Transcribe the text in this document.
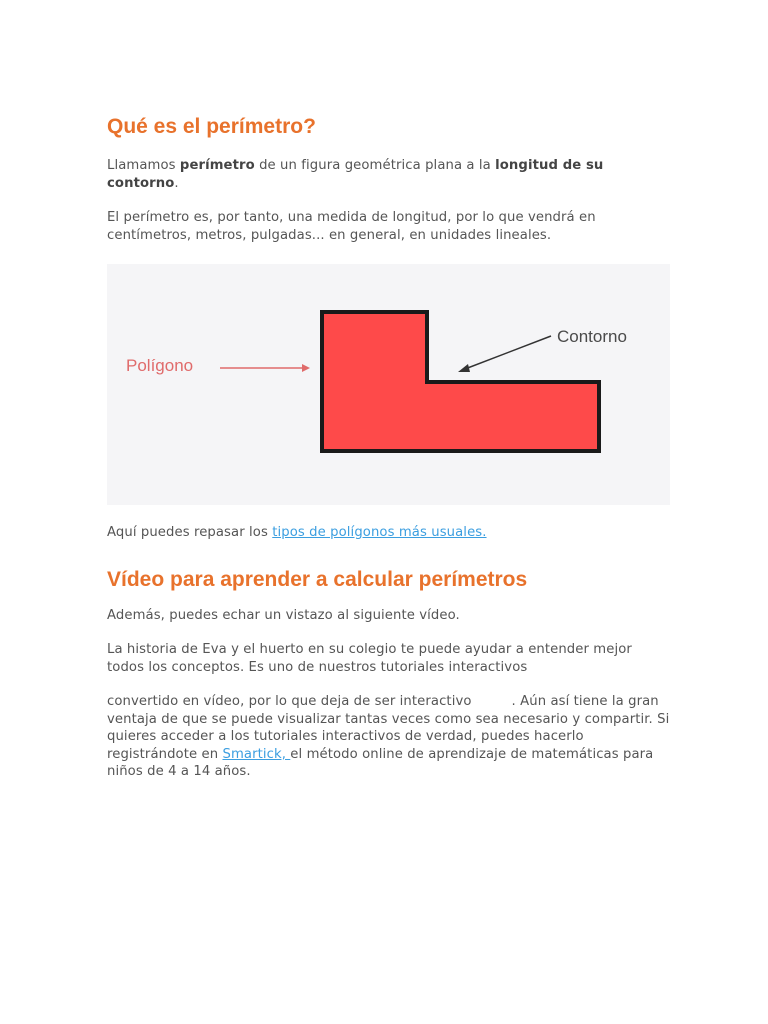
Qué es el perímetro?

Llamamos perímetro de un figura geométrica plana a la longitud de su contorno.

El perímetro es, por tanto, una medida de longitud, por lo que vendrá en centímetros, metros, pulgadas... en general, en unidades lineales.

Polígono
Contorno

Aquí puedes repasar los tipos de polígonos más usuales.

Vídeo para aprender a calcular perímetros

Además, puedes echar un vistazo al siguiente vídeo.

La historia de Eva y el huerto en su colegio te puede ayudar a entender mejor todos los conceptos. Es uno de nuestros tutoriales interactivos

convertido en vídeo, por lo que deja de ser interactivo	. Aún así tiene la gran ventaja de que se puede visualizar tantas veces como sea necesario y compartir. Si quieres acceder a los tutoriales interactivos de verdad, puedes hacerlo registrándote en Smartick, el método online de aprendizaje de matemáticas para niños de 4 a 14 años.
